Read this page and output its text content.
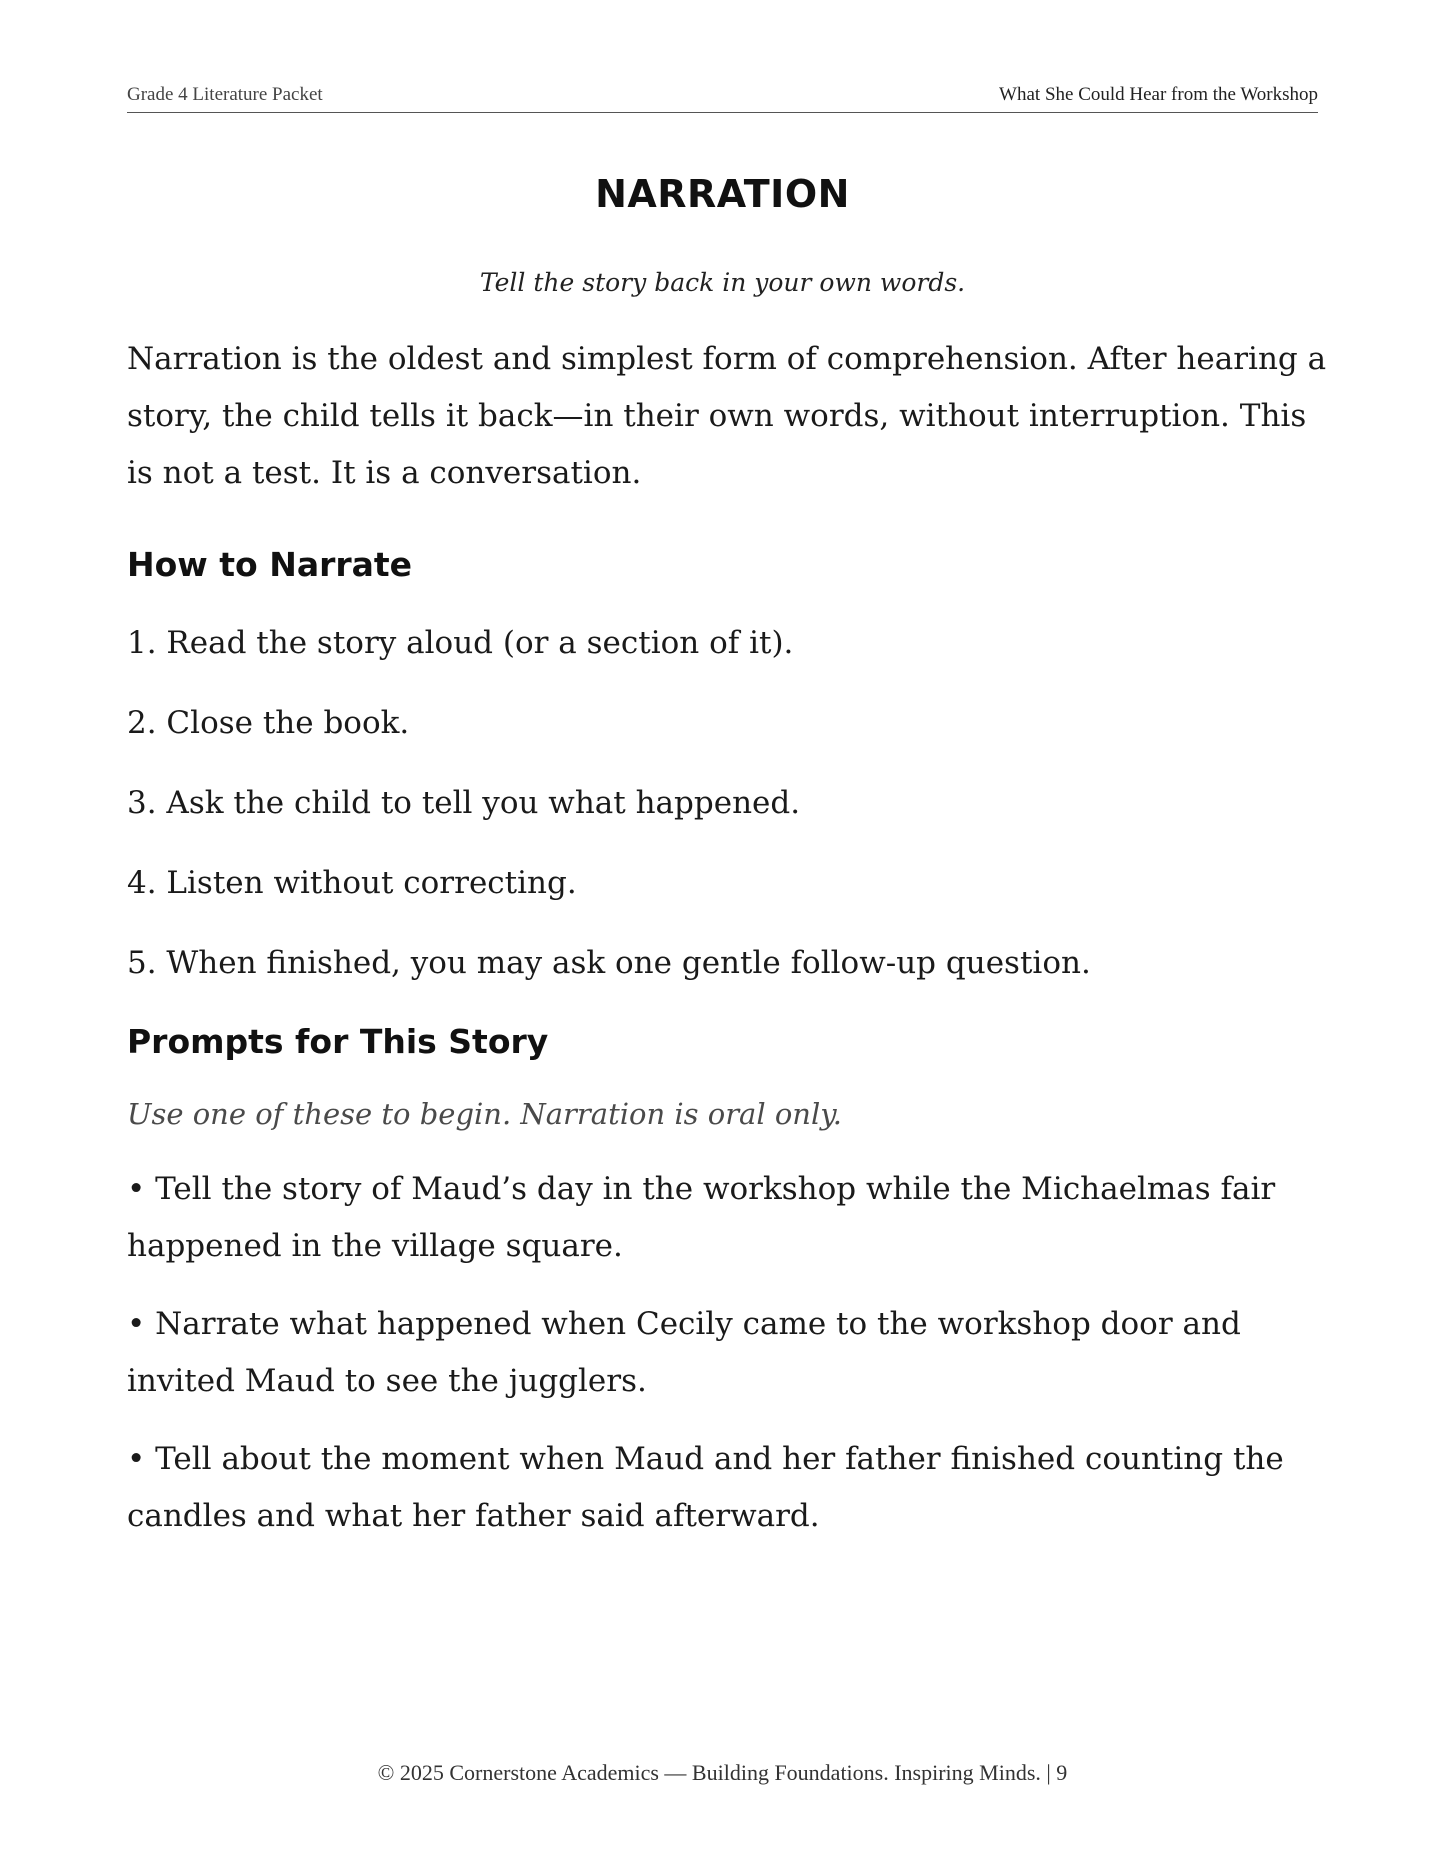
Grade 4 Literature Packet	What She Could Hear from the Workshop
NARRATION
Tell the story back in your own words.

Narration is the oldest and simplest form of comprehension. After hearing a story, the child tells it back—in their own words, without interruption. This is not a test. It is a conversation.

How to Narrate
1. Read the story aloud (or a section of it).
2. Close the book.
3. Ask the child to tell you what happened.
4. Listen without correcting.
5. When finished, you may ask one gentle follow-up question.
Prompts for This Story
Use one of these to begin. Narration is oral only.
• Tell the story of Maud’s day in the workshop while the Michaelmas fair happened in the village square.
• Narrate what happened when Cecily came to the workshop door and invited Maud to see the jugglers.
• Tell about the moment when Maud and her father finished counting the candles and what her father said afterward.
© 2025 Cornerstone Academics — Building Foundations. Inspiring Minds. | 9
